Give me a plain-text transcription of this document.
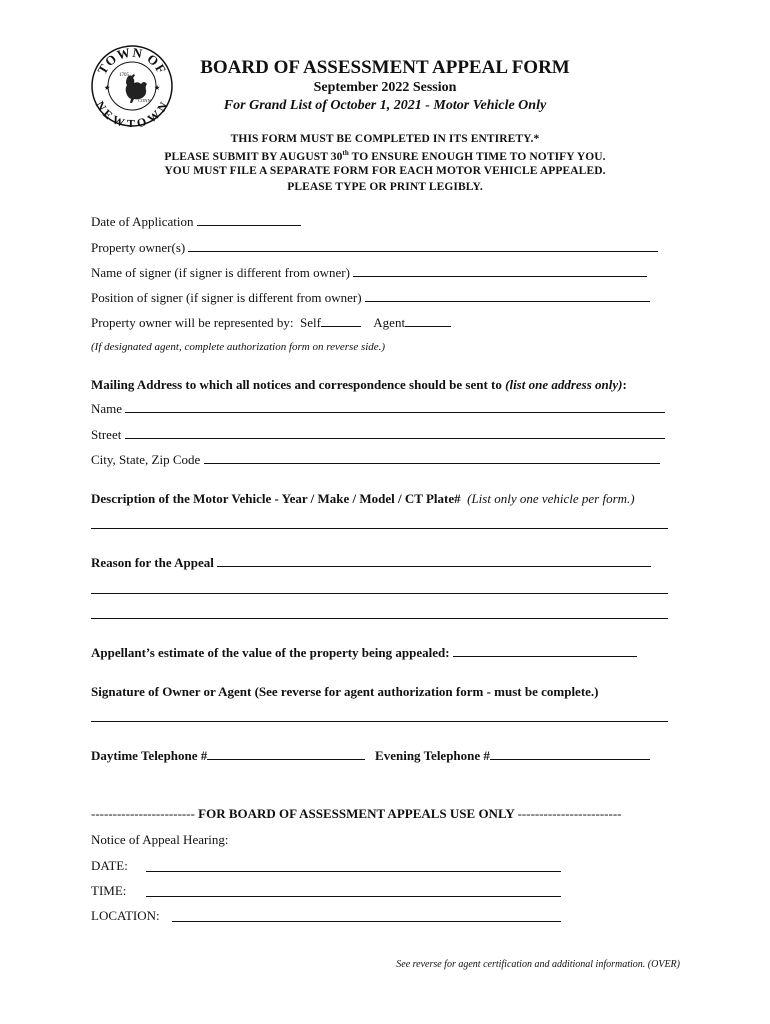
TOWN OF
NEWTOWN
★	★
1705
CONN
BOARD OF ASSESSMENT APPEAL FORM
September 2022 Session
For Grand List of October 1, 2021 - Motor Vehicle Only
THIS FORM MUST BE COMPLETED IN ITS ENTIRETY.*
PLEASE SUBMIT BY AUGUST 30th TO ENSURE ENOUGH TIME TO NOTIFY YOU.
YOU MUST FILE A SEPARATE FORM FOR EACH MOTOR VEHICLE APPEALED.
PLEASE TYPE OR PRINT LEGIBLY.
Date of Application
Property owner(s)
Name of signer (if signer is different from owner)
Position of signer (if signer is different from owner)
Property owner will be represented by: Self	Agent
(If designated agent, complete authorization form on reverse side.)
Mailing Address to which all notices and correspondence should be sent to (list one address only):
Name
Street
City, State, Zip Code
Description of the Motor Vehicle - Year / Make / Model / CT Plate# (List only one vehicle per form.)
Reason for the Appeal
Appellant’s estimate of the value of the property being appealed:
Signature of Owner or Agent (See reverse for agent authorization form - must be complete.)
Daytime Telephone #	Evening Telephone #
------------------------ FOR BOARD OF ASSESSMENT APPEALS USE ONLY ------------------------
Notice of Appeal Hearing:
DATE:
TIME:
LOCATION:
See reverse for agent certification and additional information. (OVER)
